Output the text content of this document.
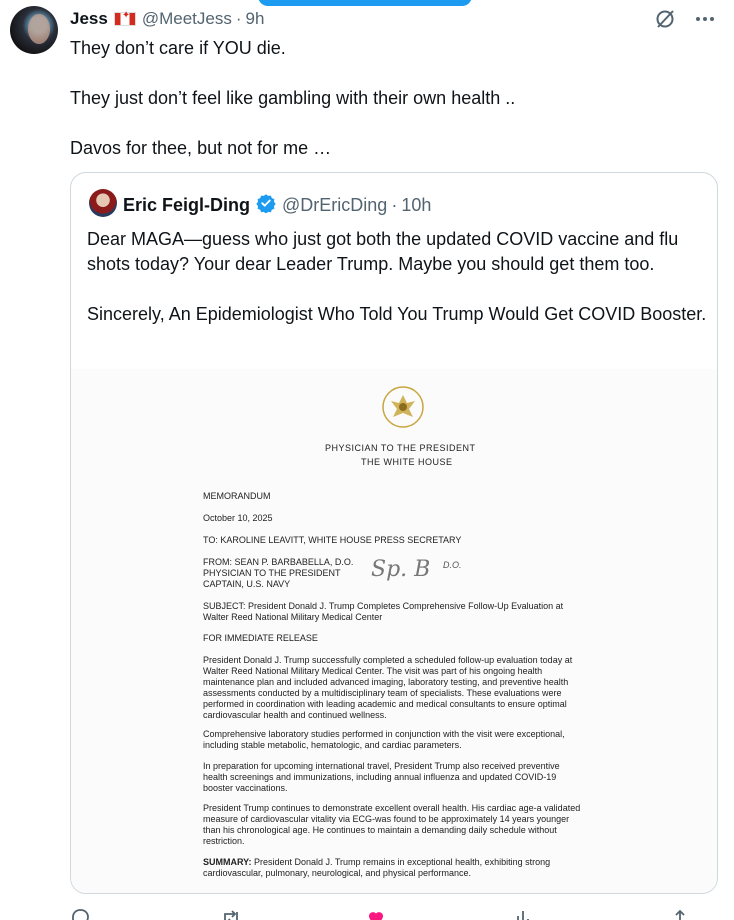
Jess
✦ @MeetJess · 9h

They don’t care if YOU die.

They just don’t feel like gambling with their own health ..

Davos for thee, but not for me …

Eric Feigl-Ding @DrEricDing · 10h

Dear MAGA—guess who just got both the updated COVID vaccine and flu shots today? Your dear Leader Trump. Maybe you should get them too.

Sincerely, An Epidemiologist Who Told You Trump Would Get COVID Booster.

PHYSICIAN TO THE PRESIDENT
THE WHITE HOUSE
MEMORANDUM
October 10, 2025
TO: KAROLINE LEAVITT, WHITE HOUSE PRESS SECRETARY
FROM: SEAN P. BARBABELLA, D.O.
PHYSICIAN TO THE PRESIDENT
CAPTAIN, U.S. NAVY
Sp. B D.O.
SUBJECT: President Donald J. Trump Completes Comprehensive Follow-Up Evaluation at Walter Reed National Military Medical Center
FOR IMMEDIATE RELEASE
President Donald J. Trump successfully completed a scheduled follow-up evaluation today at Walter Reed National Military Medical Center. The visit was part of his ongoing health maintenance plan and included advanced imaging, laboratory testing, and preventive health assessments conducted by a multidisciplinary team of specialists. These evaluations were performed in coordination with leading academic and medical consultants to ensure optimal cardiovascular health and continued wellness.
Comprehensive laboratory studies performed in conjunction with the visit were exceptional, including stable metabolic, hematologic, and cardiac parameters.
In preparation for upcoming international travel, President Trump also received preventive health screenings and immunizations, including annual influenza and updated COVID-19 booster vaccinations.
President Trump continues to demonstrate excellent overall health. His cardiac age-a validated measure of cardiovascular vitality via ECG-was found to be approximately 14 years younger than his chronological age. He continues to maintain a demanding daily schedule without restriction.
SUMMARY: President Donald J. Trump remains in exceptional health, exhibiting strong cardiovascular, pulmonary, neurological, and physical performance.
